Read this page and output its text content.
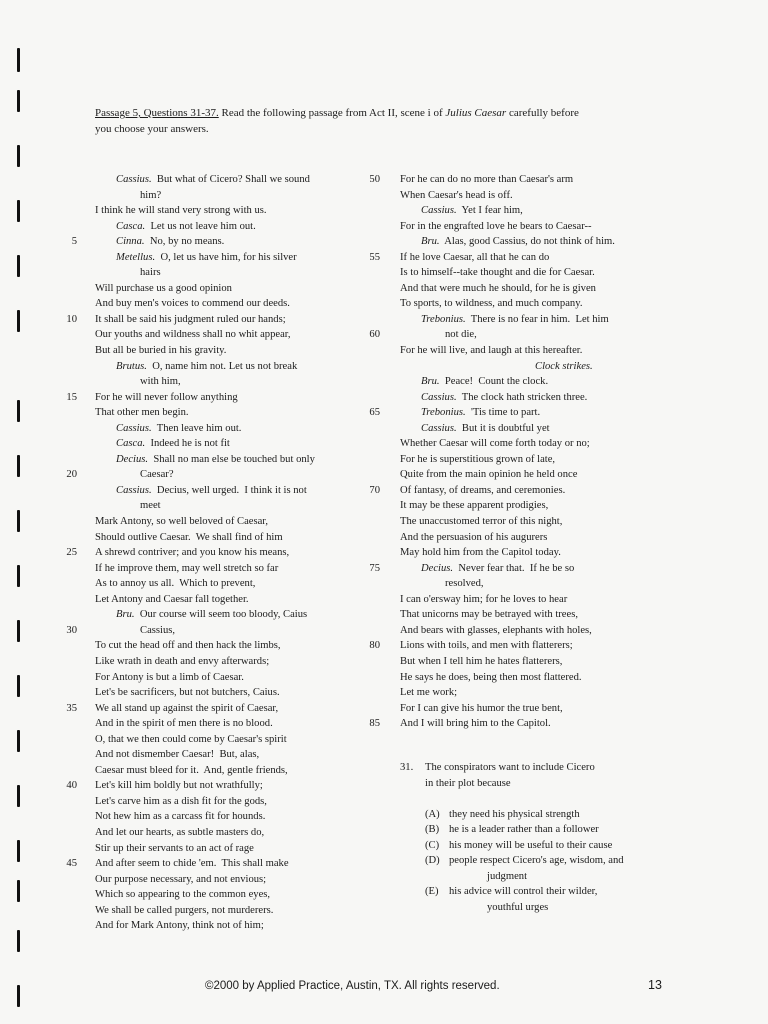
Passage 5, Questions 31-37. Read the following passage from Act II, scene i of Julius Caesar carefully before
you choose your answers.
Cassius.  But what of Cicero? Shall we sound
him?
I think he will stand very strong with us.
Casca.  Let us not leave him out.
5	Cinna.  No, by no means.
Metellus.  O, let us have him, for his silver
hairs
Will purchase us a good opinion
And buy men's voices to commend our deeds.
10 It shall be said his judgment ruled our hands;
Our youths and wildness shall no whit appear,
But all be buried in his gravity.
Brutus.  O, name him not. Let us not break
with him,
15 For he will never follow anything
That other men begin.
Cassius.  Then leave him out.
Casca.  Indeed he is not fit
Decius.  Shall no man else be touched but only
20	Caesar?
Cassius.  Decius, well urged.  I think it is not
meet
Mark Antony, so well beloved of Caesar,
Should outlive Caesar.  We shall find of him
25 A shrewd contriver; and you know his means,
If he improve them, may well stretch so far
As to annoy us all.  Which to prevent,
Let Antony and Caesar fall together.
Bru.  Our course will seem too bloody, Caius
30	Cassius,
To cut the head off and then hack the limbs,
Like wrath in death and envy afterwards;
For Antony is but a limb of Caesar.
Let's be sacrificers, but not butchers, Caius.
35 We all stand up against the spirit of Caesar,
And in the spirit of men there is no blood.
O, that we then could come by Caesar's spirit
And not dismember Caesar!  But, alas,
Caesar must bleed for it.  And, gentle friends,
40 Let's kill him boldly but not wrathfully;
Let's carve him as a dish fit for the gods,
Not hew him as a carcass fit for hounds.
And let our hearts, as subtle masters do,
Stir up their servants to an act of rage
45 And after seem to chide 'em.  This shall make
Our purpose necessary, and not envious;
Which so appearing to the common eyes,
We shall be called purgers, not murderers.
And for Mark Antony, think not of him;
50 For he can do no more than Caesar's arm
When Caesar's head is off.
Cassius.  Yet I fear him,
For in the engrafted love he bears to Caesar--
Bru.  Alas, good Cassius, do not think of him.
55 If he love Caesar, all that he can do
Is to himself--take thought and die for Caesar.
And that were much he should, for he is given
To sports, to wildness, and much company.
Trebonius.  There is no fear in him.  Let him
60	not die,
For he will live, and laugh at this hereafter.
Clock strikes.
Bru.  Peace!  Count the clock.
Cassius.  The clock hath stricken three.
65	Trebonius.  'Tis time to part.
Cassius.  But it is doubtful yet
Whether Caesar will come forth today or no;
For he is superstitious grown of late,
Quite from the main opinion he held once
70 Of fantasy, of dreams, and ceremonies.
It may be these apparent prodigies,
The unaccustomed terror of this night,
And the persuasion of his augurers
May hold him from the Capitol today.
75	Decius.  Never fear that.  If he be so
resolved,
I can o'ersway him; for he loves to hear
That unicorns may be betrayed with trees,
And bears with glasses, elephants with holes,
80 Lions with toils, and men with flatterers;
But when I tell him he hates flatterers,
He says he does, being then most flattered.
Let me work;
For I can give his humor the true bent,
85 And I will bring him to the Capitol.
31. The conspirators want to include Cicero
in their plot because
(A) they need his physical strength
(B) he is a leader rather than a follower
(C) his money will be useful to their cause
(D) people respect Cicero's age, wisdom, and
judgment
(E) his advice will control their wilder,
youthful urges
©2000 by Applied Practice, Austin, TX. All rights reserved.	13
